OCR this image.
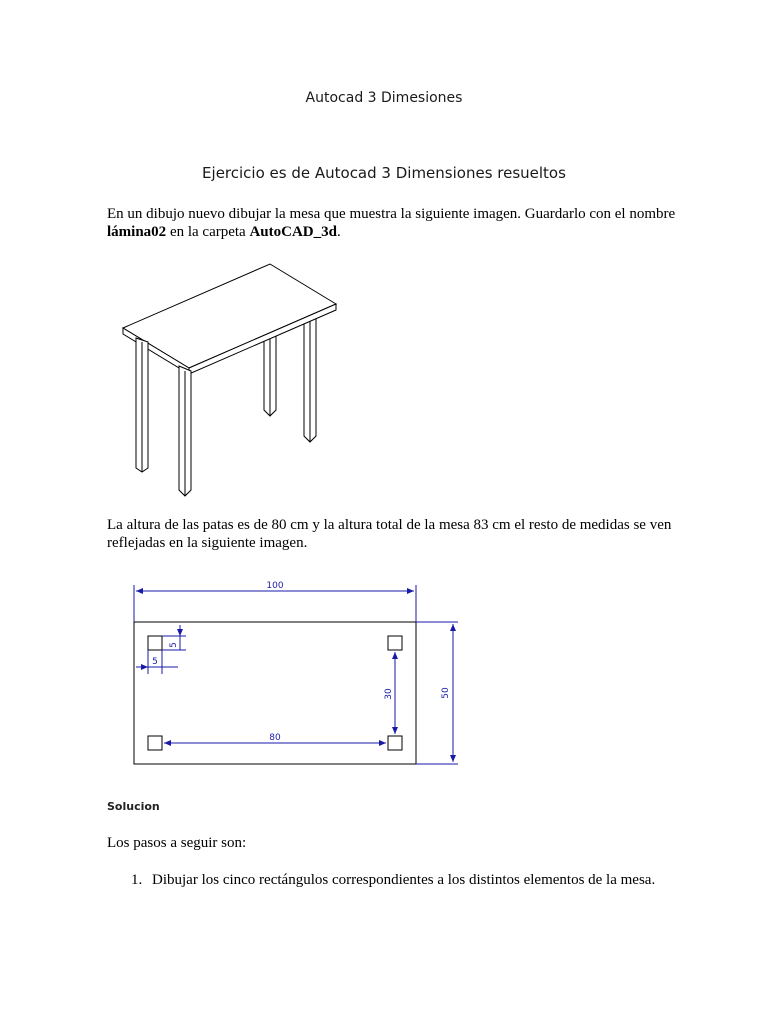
Autocad 3 Dimesiones
Ejercicio es de Autocad 3 Dimensiones resueltos
En un dibujo nuevo dibujar la mesa que muestra la siguiente imagen. Guardarlo con el nombre lámina02 en la carpeta AutoCAD_3d.
La altura de las patas es de 80 cm y la altura total de la mesa 83 cm el resto de medidas se ven reflejadas en la siguiente imagen.
100
50
80
30
5
5
Solucion
Los pasos a seguir son:
1. Dibujar los cinco rectángulos correspondientes a los distintos elementos de la mesa.
